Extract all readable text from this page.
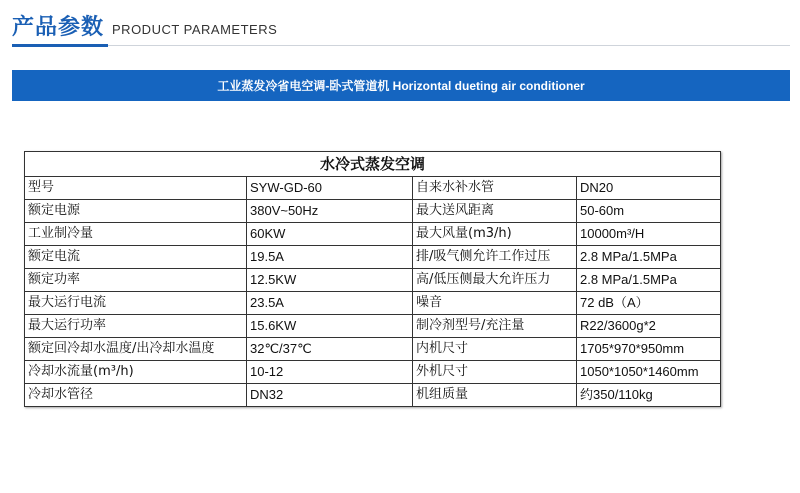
产品参数 PRODUCT PARAMETERS
工业蒸发冷省电空调-卧式管道机 Horizontal dueting air conditioner
水冷式蒸发空调			
型号	SYW-GD-60	自来水补水管	DN20
额定电源	380V~50Hz	最大送风距离	50-60m
工业制冷量	60KW	最大风量(m3/h)	10000m³/H
额定电流	19.5A	排/吸气侧允许工作过压	2.8 MPa/1.5MPa
额定功率	12.5KW	高/低压侧最大允许压力	2.8 MPa/1.5MPa
最大运行电流	23.5A	噪音	72 dB（A）
最大运行功率	15.6KW	制冷剂型号/充注量	R22/3600g*2
额定回冷却水温度/出冷却水温度	32℃/37℃	内机尺寸	1705*970*950mm
冷却水流量(m³/h)	10-12	外机尺寸	1050*1050*1460mm
冷却水管径	DN32	机组质量	约350/110kg
